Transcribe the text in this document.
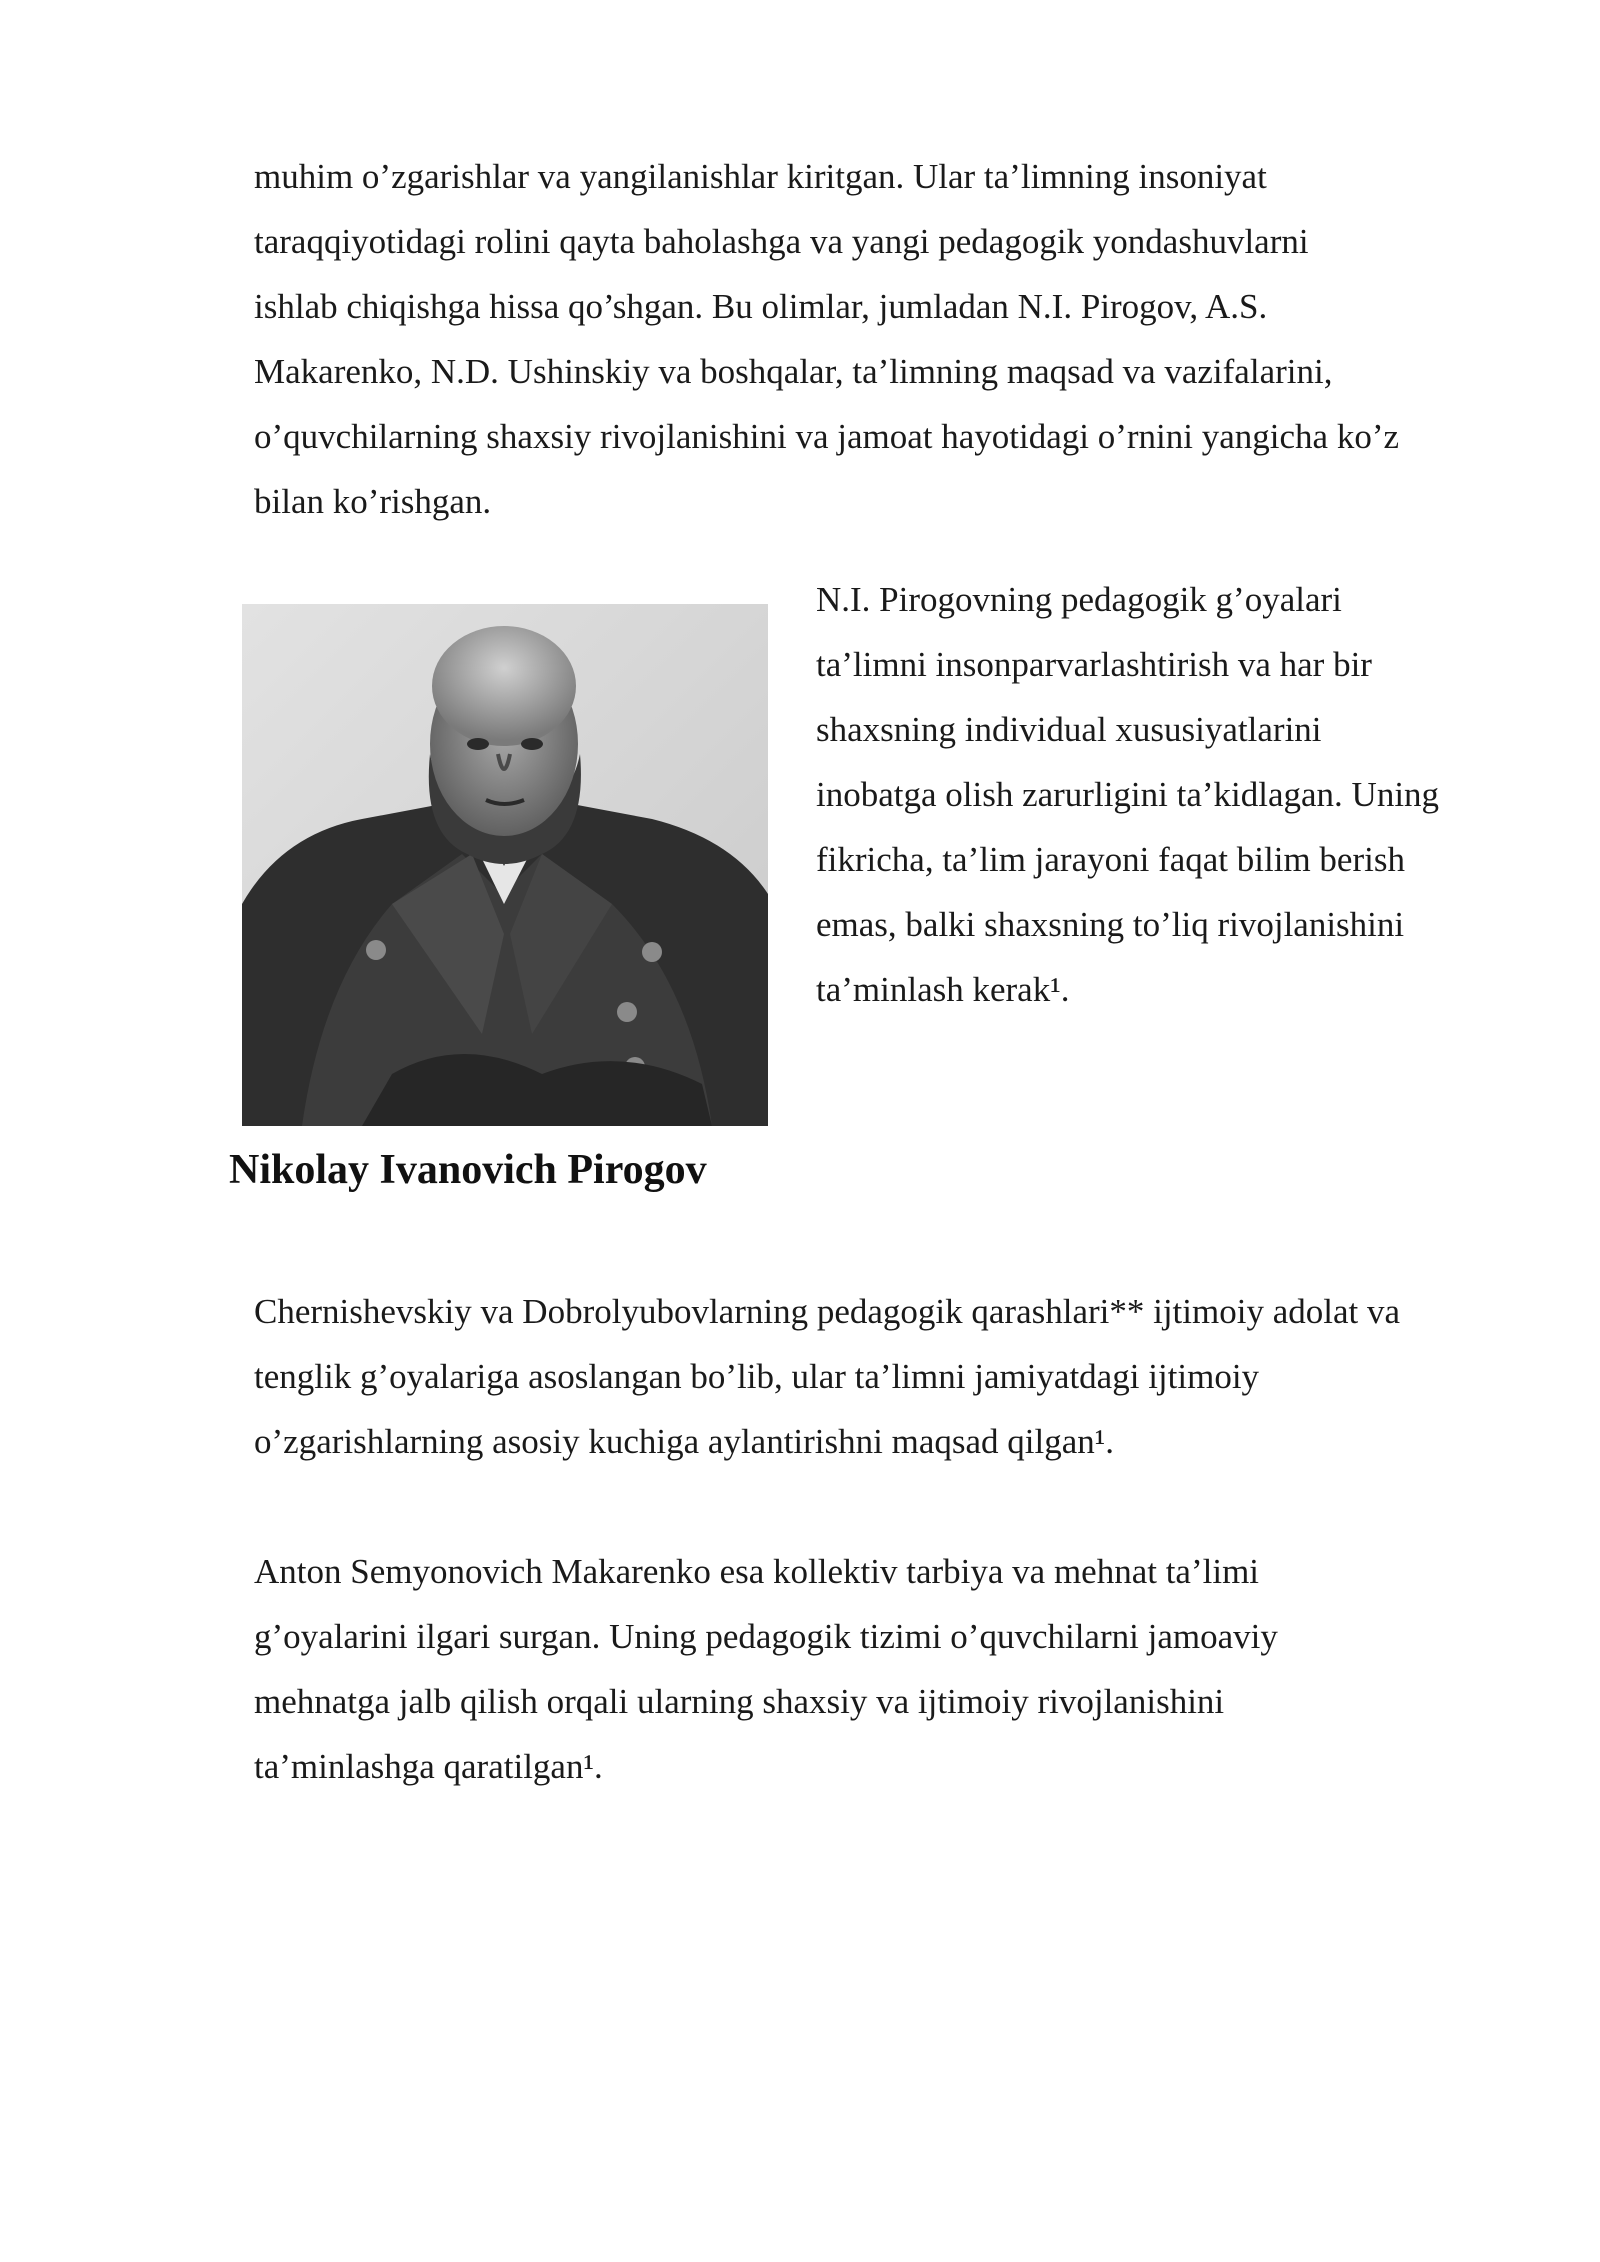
muhim o’zgarishlar va yangilanishlar kiritgan. Ular ta’limning insoniyat
taraqqiyotidagi rolini qayta baholashga va yangi pedagogik yondashuvlarni
ishlab chiqishga hissa qo’shgan. Bu olimlar, jumladan N.I. Pirogov, A.S.
Makarenko, N.D. Ushinskiy va boshqalar, ta’limning maqsad va vazifalarini,
o’quvchilarning shaxsiy rivojlanishini va jamoat hayotidagi o’rnini yangicha ko’z
bilan ko’rishgan.

N.I. Pirogovning pedagogik g’oyalari
ta’limni insonparvarlashtirish va har bir
shaxsning individual xususiyatlarini
inobatga olish zarurligini ta’kidlagan. Uning
fikricha, ta’lim jarayoni faqat bilim berish
emas, balki shaxsning to’liq rivojlanishini
ta’minlash kerak¹.

Nikolay Ivanovich Pirogov

Chernishevskiy va Dobrolyubovlarning pedagogik qarashlari** ijtimoiy adolat va
tenglik g’oyalariga asoslangan bo’lib, ular ta’limni jamiyatdagi ijtimoiy
o’zgarishlarning asosiy kuchiga aylantirishni maqsad qilgan¹.

Anton Semyonovich Makarenko esa kollektiv tarbiya va mehnat ta’limi
g’oyalarini ilgari surgan. Uning pedagogik tizimi o’quvchilarni jamoaviy
mehnatga jalb qilish orqali ularning shaxsiy va ijtimoiy rivojlanishini
ta’minlashga qaratilgan¹.
